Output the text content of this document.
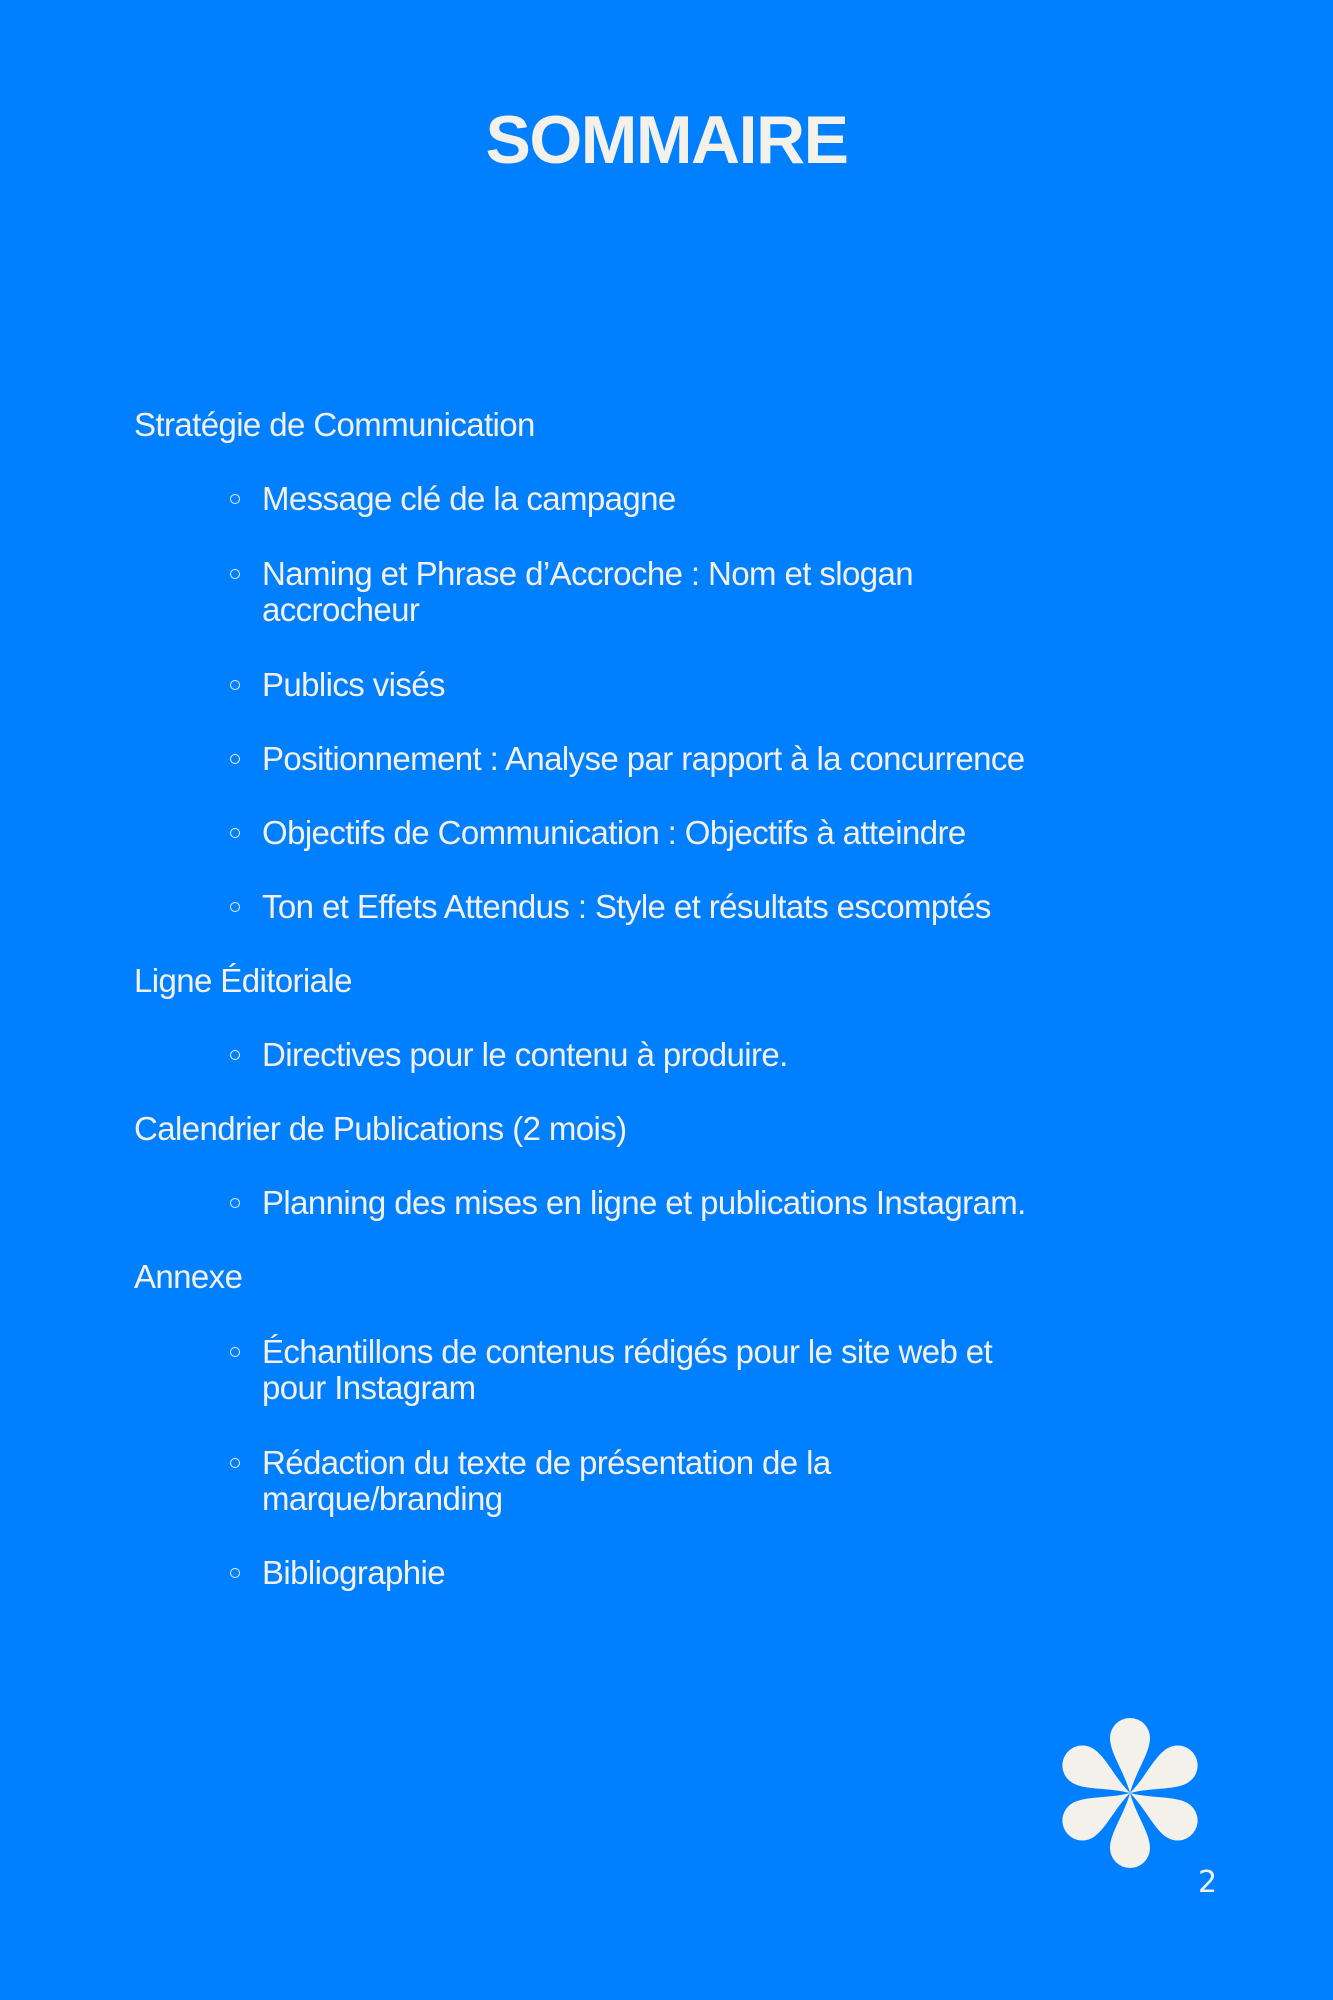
SOMMAIRE
Stratégie de Communication
Message clé de la campagne
Naming et Phrase d’Accroche : Nom et slogan
accrocheur
Publics visés
Positionnement : Analyse par rapport à la concurrence
Objectifs de Communication : Objectifs à atteindre
Ton et Effets Attendus : Style et résultats escomptés
Ligne Éditoriale
Directives pour le contenu à produire.
Calendrier de Publications (2 mois)
Planning des mises en ligne et publications Instagram.
Annexe
Échantillons de contenus rédigés pour le site web et
pour Instagram
Rédaction du texte de présentation de la
marque/branding
Bibliographie
2
